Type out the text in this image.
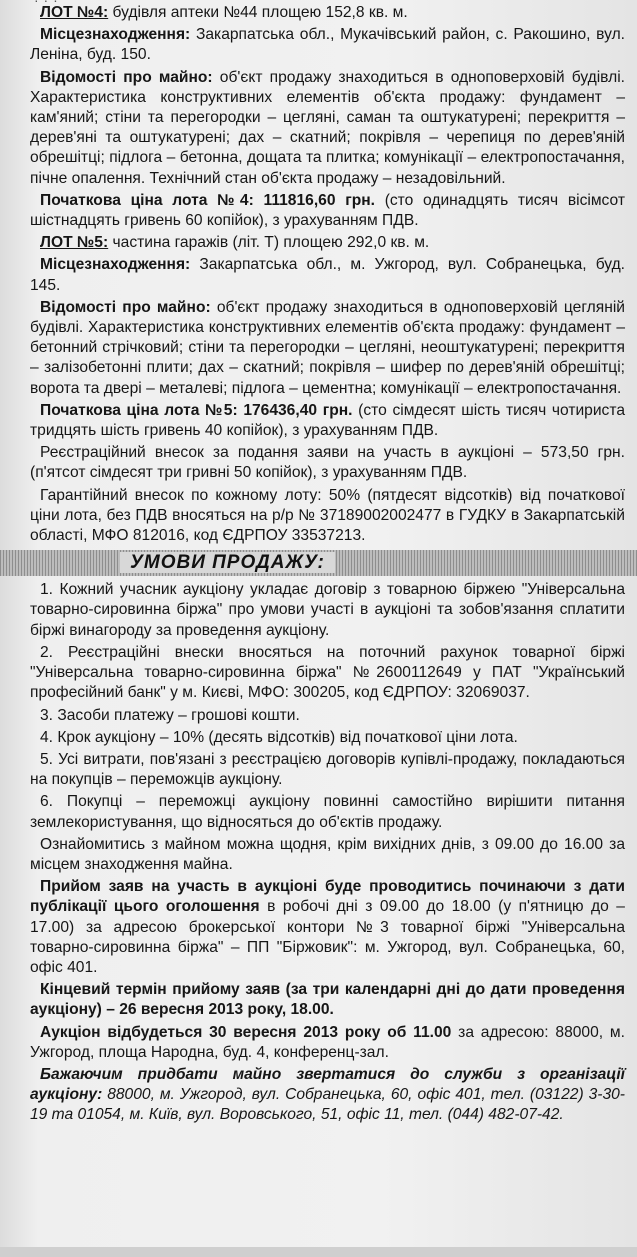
· · ·

ЛОТ №4: будівля аптеки №44 площею 152,8 кв. м.

Місцезнаходження: Закарпатська обл., Мукачівський район, с. Ракошино, вул. Леніна, буд. 150.

Відомості про майно: об'єкт продажу знаходиться в одноповерховій будівлі. Характеристика конструктивних елементів об'єкта продажу: фундамент – кам'яний; стіни та перегородки – цегляні, саман та оштукатурені; перекриття – дерев'яні та оштукатурені; дах – скатний; покрівля – черепиця по дерев'яній обрешітці; підлога – бетонна, дощата та плитка; комунікації – електропостачання, пічне опалення. Технічний стан об'єкта продажу – незадовільний.

Початкова ціна лота №4: 111816,60 грн. (сто одинадцять тисяч вісімсот шістнадцять гривень 60 копійок), з урахуванням ПДВ.

ЛОТ №5: частина гаражів (літ. Т) площею 292,0 кв. м.

Місцезнаходження: Закарпатська обл., м. Ужгород, вул. Собранецька, буд. 145.

Відомості про майно: об'єкт продажу знаходиться в одноповерховій цегляній будівлі. Характеристика конструктивних елементів об'єкта продажу: фундамент – бетонний стрічковий; стіни та перегородки – цегляні, неоштукатурені; перекриття – залізобетонні плити; дах – скатний; покрівля – шифер по дерев'яній обрешітці; ворота та двері – металеві; підлога – цементна; комунікації – електропостачання.

Початкова ціна лота №5: 176436,40 грн. (сто сімдесят шість тисяч чотириста тридцять шість гривень 40 копійок), з урахуванням ПДВ.

Реєстраційний внесок за подання заяви на участь в аукціоні – 573,50 грн. (п'ятсот сімдесят три гривні 50 копійок), з урахуванням ПДВ.

Гарантійний внесок по кожному лоту: 50% (пятдесят відсотків) від початкової ціни лота, без ПДВ вносяться на р/р № 37189002002477 в ГУДКУ в Закарпатській області, МФО 812016, код ЄДРПОУ 33537213.

УМОВИ ПРОДАЖУ:

1. Кожний учасник аукціону укладає договір з товарною біржею "Універсальна товарно-сировинна біржа" про умови участі в аукціоні та зобов'язання сплатити біржі винагороду за проведення аукціону.

2. Реєстраційні внески вносяться на поточний рахунок товарної біржі "Універсальна товарно-сировинна біржа" №2600112649 у ПАТ "Український професійний банк" у м. Києві, МФО: 300205, код ЄДРПОУ: 32069037.

3. Засоби платежу – грошові кошти.

4. Крок аукціону – 10% (десять відсотків) від початкової ціни лота.

5. Усі витрати, пов'язані з реєстрацією договорів купівлі-продажу, покладаються на покупців – переможців аукціону.

6. Покупці – переможці аукціону повинні самостійно вирішити питання землекористування, що відносяться до об'єктів продажу.

Ознайомитись з майном можна щодня, крім вихідних днів, з 09.00 до 16.00 за місцем знаходження майна.

Прийом заяв на участь в аукціоні буде проводитись починаючи з дати публікації цього оголошення в робочі дні з 09.00 до 18.00 (у п'ятницю до – 17.00) за адресою брокерської контори №3 товарної біржі "Універсальна товарно-сировинна біржа" – ПП "Біржовик": м. Ужгород, вул. Собранецька, 60, офіс 401.

Кінцевий термін прийому заяв (за три календарні дні до дати проведення аукціону) – 26 вересня 2013 року, 18.00.

Аукціон відбудеться 30 вересня 2013 року об 11.00 за адресою: 88000, м. Ужгород, площа Народна, буд. 4, конференц-зал.

Бажаючим придбати майно звертатися до служби з організації аукціону: 88000, м. Ужгород, вул. Собранецька, 60, офіс 401, тел. (03122) 3-30-19 та 01054, м. Київ, вул. Воровського, 51, офіс 11, тел. (044) 482-07-42.
